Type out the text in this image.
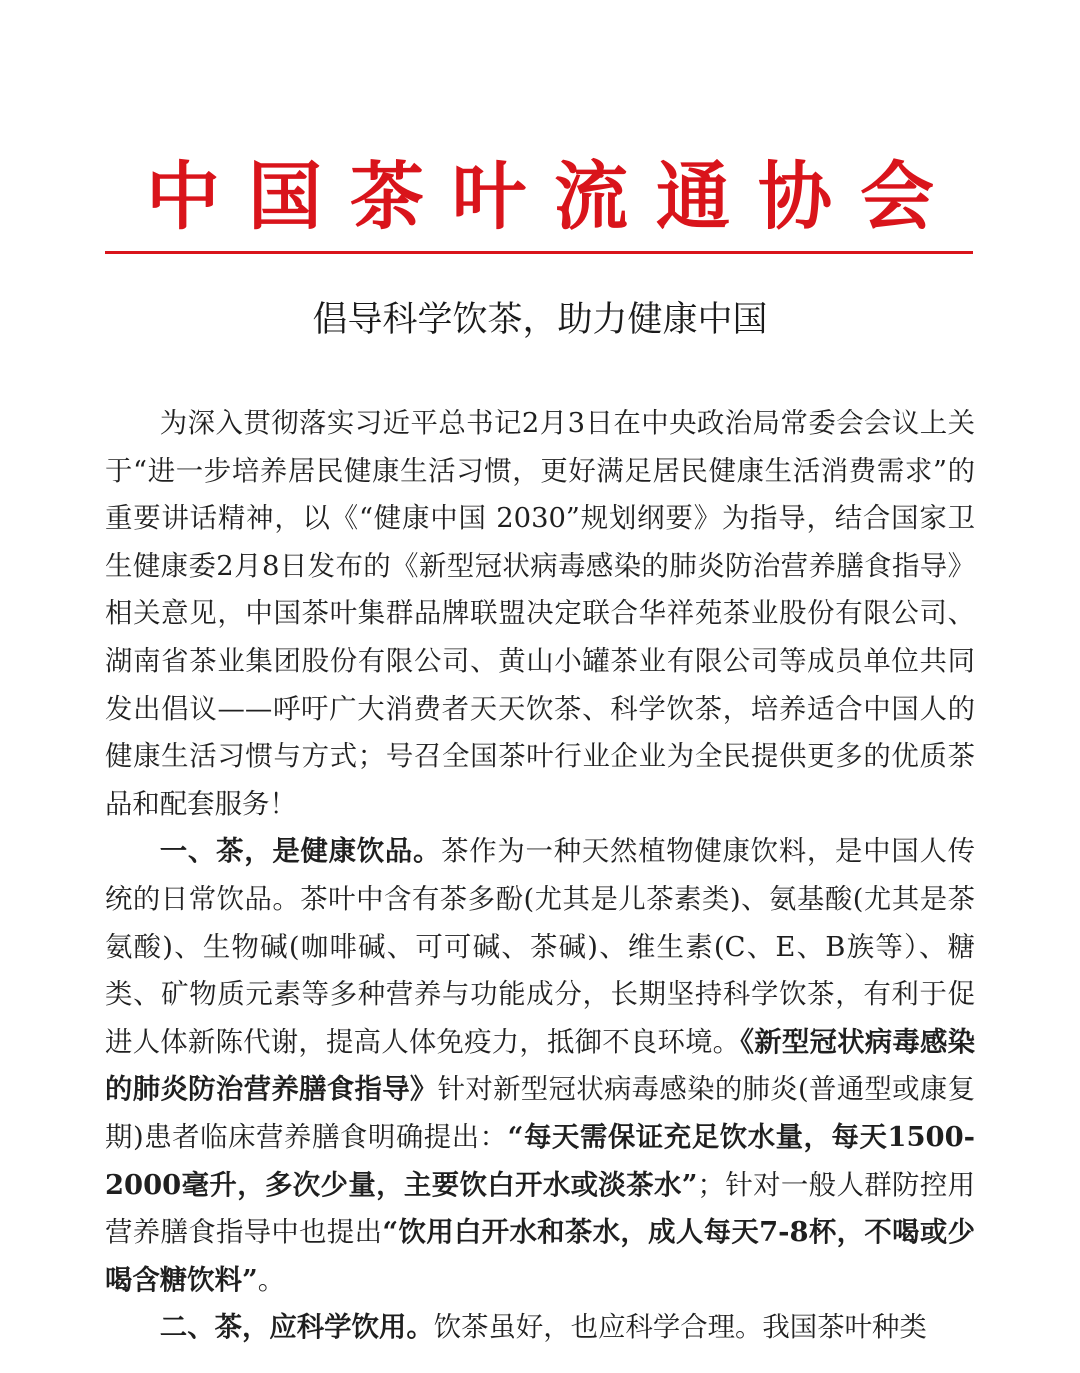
中国茶叶流通协会
倡导科学饮茶，助力健康中国

为深入贯彻落实习近平总书记2月3日在中央政治局常委会会议上关于“进一步培养居民健康生活习惯，更好满足居民健康生活消费需求”的重要讲话精神，以《“健康中国 2030”规划纲要》为指导，结合国家卫生健康委2月8日发布的《新型冠状病毒感染的肺炎防治营养膳食指导》相关意见，中国茶叶集群品牌联盟决定联合华祥苑茶业股份有限公司、湖南省茶业集团股份有限公司、黄山小罐茶业有限公司等成员单位共同发出倡议——呼吁广大消费者天天饮茶、科学饮茶，培养适合中国人的健康生活习惯与方式；号召全国茶叶行业企业为全民提供更多的优质茶品和配套服务！

一、茶，是健康饮品。茶作为一种天然植物健康饮料，是中国人传统的日常饮品。茶叶中含有茶多酚(尤其是儿茶素类)、氨基酸(尤其是茶氨酸)、生物碱(咖啡碱、可可碱、茶碱)、维生素(C、E、B族等）、糖类、矿物质元素等多种营养与功能成分，长期坚持科学饮茶，有利于促进人体新陈代谢，提高人体免疫力，抵御不良环境。《新型冠状病毒感染的肺炎防治营养膳食指导》针对新型冠状病毒感染的肺炎(普通型或康复期)患者临床营养膳食明确提出：“每天需保证充足饮水量，每天1500-2000毫升，多次少量，主要饮白开水或淡茶水”；针对一般人群防控用营养膳食指导中也提出“饮用白开水和茶水，成人每天7-8杯，不喝或少喝含糖饮料”。

二、茶，应科学饮用。饮茶虽好，也应科学合理。我国茶叶种类
